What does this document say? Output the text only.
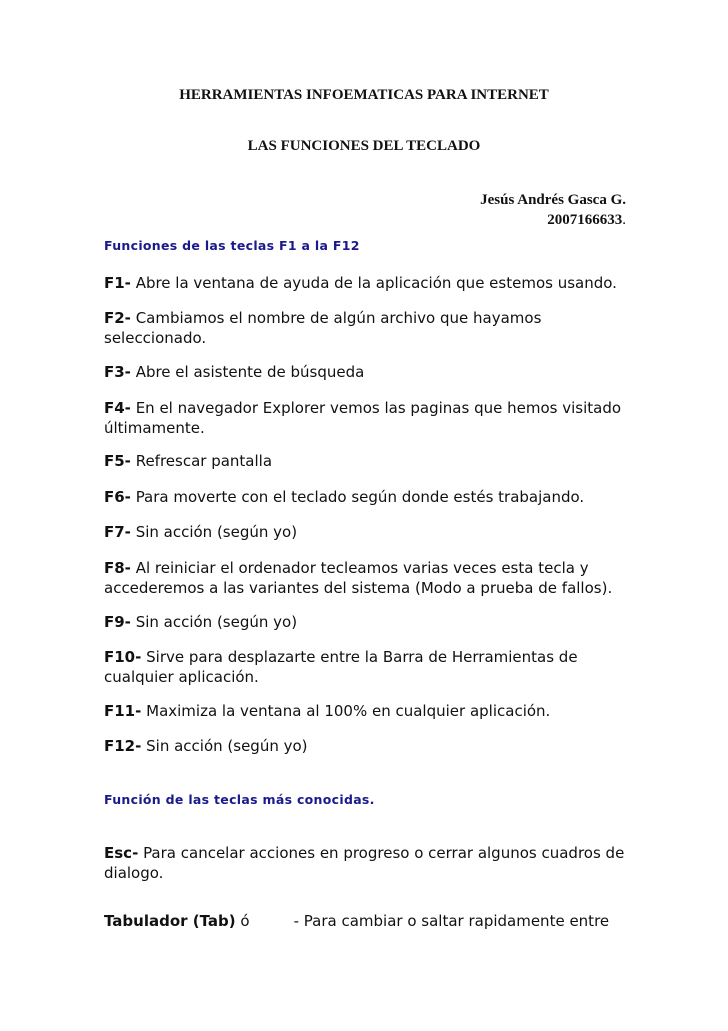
HERRAMIENTAS INFOEMATICAS PARA INTERNET
LAS FUNCIONES DEL TECLADO
Jesús Andrés Gasca G.
2007166633.
Funciones de las teclas F1 a la F12
F1- Abre la ventana de ayuda de la aplicación que estemos usando.
F2- Cambiamos el nombre de algún archivo que hayamos seleccionado.
F3- Abre el asistente de búsqueda
F4- En el navegador Explorer vemos las paginas que hemos visitado últimamente.
F5- Refrescar pantalla
F6- Para moverte con el teclado según donde estés trabajando.
F7- Sin acción (según yo)
F8- Al reiniciar el ordenador tecleamos varias veces esta tecla y accederemos a las variantes del sistema (Modo a prueba de fallos).
F9- Sin acción (según yo)
F10- Sirve para desplazarte entre la Barra de Herramientas de cualquier aplicación.
F11- Maximiza la ventana al 100% en cualquier aplicación.
F12- Sin acción (según yo)
Función de las teclas más conocidas.
Esc- Para cancelar acciones en progreso o cerrar algunos cuadros de dialogo.
Tabulador (Tab) ó	- Para cambiar o saltar rapidamente entre
